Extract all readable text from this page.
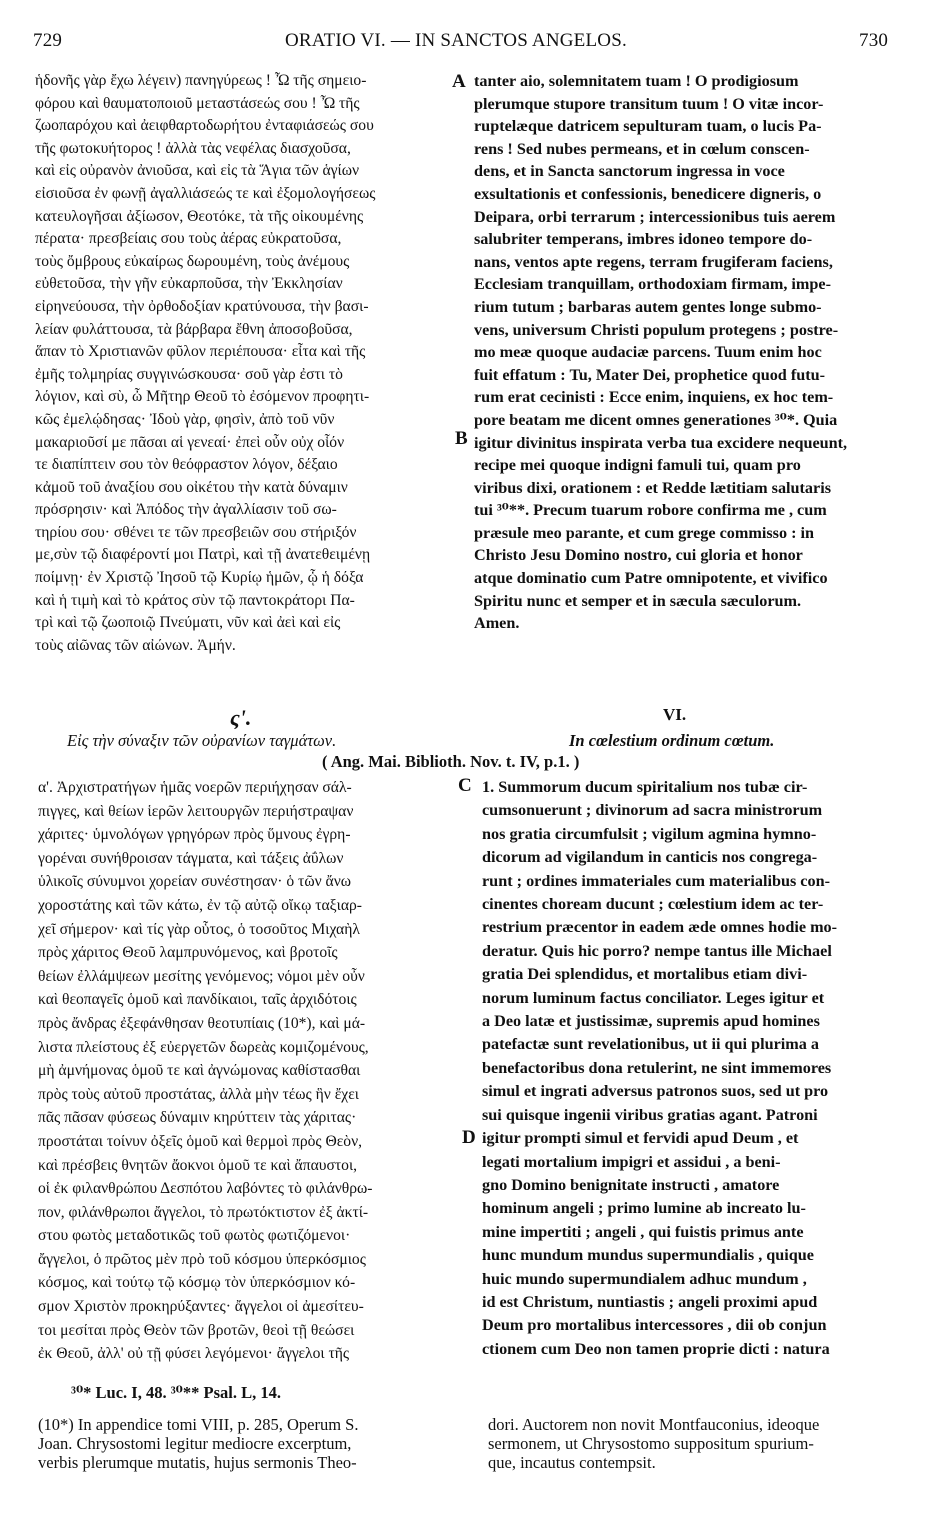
729	ORATIO VI. — IN SANCTOS ANGELOS.	730
A
B
C
D
ἡδονῆς γὰρ ἔχω λέγειν) πανηγύρεως ! Ὦ τῆς σημειο-
φόρου καὶ θαυματοποιοῦ μεταστάσεώς σου ! Ὦ τῆς
ζωοπαρόχου καὶ ἀειφθαρτοδωρήτου ἐνταφιάσεώς σου
τῆς φωτοκυήτορος ! ἀλλὰ τὰς νεφέλας διασχοῦσα,
καὶ εἰς οὐρανὸν ἀνιοῦσα, καὶ εἰς τὰ Ἅγια τῶν ἁγίων
εἰσιοῦσα ἐν φωνῇ ἀγαλλιάσεώς τε καὶ ἐξομολογήσεως
κατευλογῆσαι ἀξίωσον, Θεοτόκε, τὰ τῆς οἰκουμένης
πέρατα· πρεσβείαις σου τοὺς ἀέρας εὐκρατοῦσα,
τοὺς ὄμβρους εὐκαίρως δωρουμένη, τοὺς ἀνέμους
εὐθετοῦσα, τὴν γῆν εὐκαρποῦσα, τὴν Ἐκκλησίαν
εἰρηνεύουσα, τὴν ὀρθοδοξίαν κρατύνουσα, τὴν βασι-
λείαν φυλάττουσα, τὰ βάρβαρα ἔθνη ἀποσοβοῦσα,
ἅπαν τὸ Χριστιανῶν φῦλον περιέπουσα· εἶτα καὶ τῆς
ἐμῆς τολμηρίας συγγινώσκουσα· σοῦ γὰρ ἐστι τὸ
λόγιον, καὶ σὺ, ὦ Μῆτηρ Θεοῦ τὸ ἐσόμενον προφητι-
κῶς ἐμελῴδησας· Ἰδοὺ γὰρ, φησὶν, ἀπὸ τοῦ νῦν
μακαριοῦσί με πᾶσαι αἱ γενεαί· ἐπεὶ οὖν οὐχ οἷόν
τε διαπίπτειν σου τὸν θεόφραστον λόγον, δέξαιο
κἀμοῦ τοῦ ἀναξίου σου οἰκέτου τὴν κατὰ δύναμιν
πρόσρησιν· καὶ Ἀπόδος τὴν ἀγαλλίασιν τοῦ σω-
τηρίου σου· σθένει τε τῶν πρεσβειῶν σου στήριξόν
με,σὺν τῷ διαφέροντί μοι Πατρὶ, καὶ τῇ ἀνατεθειμένῃ
ποίμνῃ· ἐν Χριστῷ Ἰησοῦ τῷ Κυρίῳ ἡμῶν, ᾧ ἡ δόξα
καὶ ἡ τιμὴ καὶ τὸ κράτος σὺν τῷ παντοκράτορι Πα-
τρὶ καὶ τῷ ζωοποιῷ Πνεύματι, νῦν καὶ ἀεὶ καὶ εἰς
τοὺς αἰῶνας τῶν αἰώνων. Ἀμήν.
tanter aio, solemnitatem tuam ! O prodigiosum
plerumque stupore transitum tuum ! O vitæ incor-
ruptelæque datricem sepulturam tuam, o lucis Pa-
rens ! Sed nubes permeans, et in cœlum conscen-
dens, et in Sancta sanctorum ingressa in voce
exsultationis et confessionis, benedicere digneris, o
Deipara, orbi terrarum ; intercessionibus tuis aerem
salubriter temperans, imbres idoneo tempore do-
nans, ventos apte regens, terram frugiferam faciens,
Ecclesiam tranquillam, orthodoxiam firmam, impe-
rium tutum ; barbaras autem gentes longe submo-
vens, universum Christi populum protegens ; postre-
mo meæ quoque audaciæ parcens. Tuum enim hoc
fuit effatum : Tu, Mater Dei, prophetice quod futu-
rum erat cecinisti : Ecce enim, inquiens, ex hoc tem-
pore beatam me dicent omnes generationes ³⁰*. Quia
igitur divinitus inspirata verba tua excidere nequeunt,
recipe mei quoque indigni famuli tui, quam pro
viribus dixi, orationem : et Redde lætitiam salutaris
tui ³⁰**. Precum tuarum robore confirma me , cum
præsule meo parante, et cum grege commisso : in
Christo Jesu Domino nostro, cui gloria et honor
atque dominatio cum Patre omnipotente, et vivifico
Spiritu nunc et semper et in sæcula sæculorum.
Amen.
ς'.	VI.
Εἰς τὴν σύναξιν τῶν οὐρανίων ταγμάτων.	In cœlestium ordinum cœtum.
( Ang. Mai. Biblioth. Nov. t. IV, p.1. )
α'. Ἀρχιστρατήγων ἡμᾶς νοερῶν περιήχησαν σάλ-
πιγγες, καὶ θείων ἱερῶν λειτουργῶν περιήστραψαν
χάριτες· ὑμνολόγων γρηγόρων πρὸς ὕμνους ἐγρη-
γορέναι συνήθροισαν τάγματα, καὶ τάξεις ἀΰλων
ὑλικοῖς σύνυμνοι χορείαν συνέστησαν· ὁ τῶν ἄνω
χοροστάτης καὶ τῶν κάτω, ἐν τῷ αὐτῷ οἴκῳ ταξιαρ-
χεῖ σήμερον· καὶ τίς γὰρ οὗτος, ὁ τοσοῦτος Μιχαὴλ
πρὸς χάριτος Θεοῦ λαμπρυνόμενος, καὶ βροτοῖς
θείων ἐλλάμψεων μεσίτης γενόμενος; νόμοι μὲν οὖν
καὶ θεοπαγεῖς ὁμοῦ καὶ πανδίκαιοι, ταῖς ἀρχιδότοις
πρὸς ἄνδρας ἐξεφάνθησαν θεοτυπίαις (10*), καὶ μά-
λιστα πλείστους ἐξ εὐεργετῶν δωρεὰς κομιζομένους,
μὴ ἀμνήμονας ὁμοῦ τε καὶ ἀγνώμονας καθίστασθαι
πρὸς τοὺς αὐτοῦ προστάτας, ἀλλὰ μὴν τέως ἣν ἔχει
πᾶς πᾶσαν φύσεως δύναμιν κηρύττειν τὰς χάριτας·
προστάται τοίνυν ὀξεῖς ὁμοῦ καὶ θερμοὶ πρὸς Θεὸν,
καὶ πρέσβεις θνητῶν ἄοκνοι ὁμοῦ τε καὶ ἄπαυστοι,
οἱ ἐκ φιλανθρώπου Δεσπότου λαβόντες τὸ φιλάνθρω-
πον, φιλάνθρωποι ἄγγελοι, τὸ πρωτόκτιστον ἐξ ἀκτί-
στου φωτὸς μεταδοτικῶς τοῦ φωτὸς φωτιζόμενοι·
ἄγγελοι, ὁ πρῶτος μὲν πρὸ τοῦ κόσμου ὑπερκόσμιος
κόσμος, καὶ τούτῳ τῷ κόσμῳ τὸν ὑπερκόσμιον κό-
σμον Χριστὸν προκηρύξαντες· ἄγγελοι οἱ ἀμεσίτευ-
τοι μεσίται πρὸς Θεὸν τῶν βροτῶν, θεοὶ τῇ θεώσει
ἐκ Θεοῦ, ἀλλ' οὐ τῇ φύσει λεγόμενοι· ἄγγελοι τῆς
1. Summorum ducum spiritalium nos tubæ cir-
cumsonuerunt ; divinorum ad sacra ministrorum
nos gratia circumfulsit ; vigilum agmina hymno-
dicorum ad vigilandum in canticis nos congrega-
runt ; ordines immateriales cum materialibus con-
cinentes choream ducunt ; cœlestium idem ac ter-
restrium præcentor in eadem æde omnes hodie mo-
deratur. Quis hic porro? nempe tantus ille Michael
gratia Dei splendidus, et mortalibus etiam divi-
norum luminum factus conciliator. Leges igitur et
a Deo latæ et justissimæ, supremis apud homines
patefactæ sunt revelationibus, ut ii qui plurima a
benefactoribus dona retulerint, ne sint immemores
simul et ingrati adversus patronos suos, sed ut pro
sui quisque ingenii viribus gratias agant. Patroni
igitur prompti simul et fervidi apud Deum , et
legati mortalium impigri et assidui , a beni-
gno Domino benignitate instructi , amatore
hominum angeli ; primo lumine ab increato lu-
mine impertiti ; angeli , qui fuistis primus ante
hunc mundum mundus supermundialis , quique
huic mundo supermundialem adhuc mundum ,
id est Christum, nuntiastis ; angeli proximi apud
Deum pro mortalibus intercessores , dii ob conjun
ctionem cum Deo non tamen proprie dicti : natura
³⁰* Luc. I, 48. ³⁰** Psal. L, 14.
(10*) In appendice tomi VIII, p. 285, Operum S.
Joan. Chrysostomi legitur mediocre excerptum,
verbis plerumque mutatis, hujus sermonis Theo-
dori. Auctorem non novit Montfauconius, ideoque
sermonem, ut Chrysostomo suppositum spurium-
que, incautus contempsit.
